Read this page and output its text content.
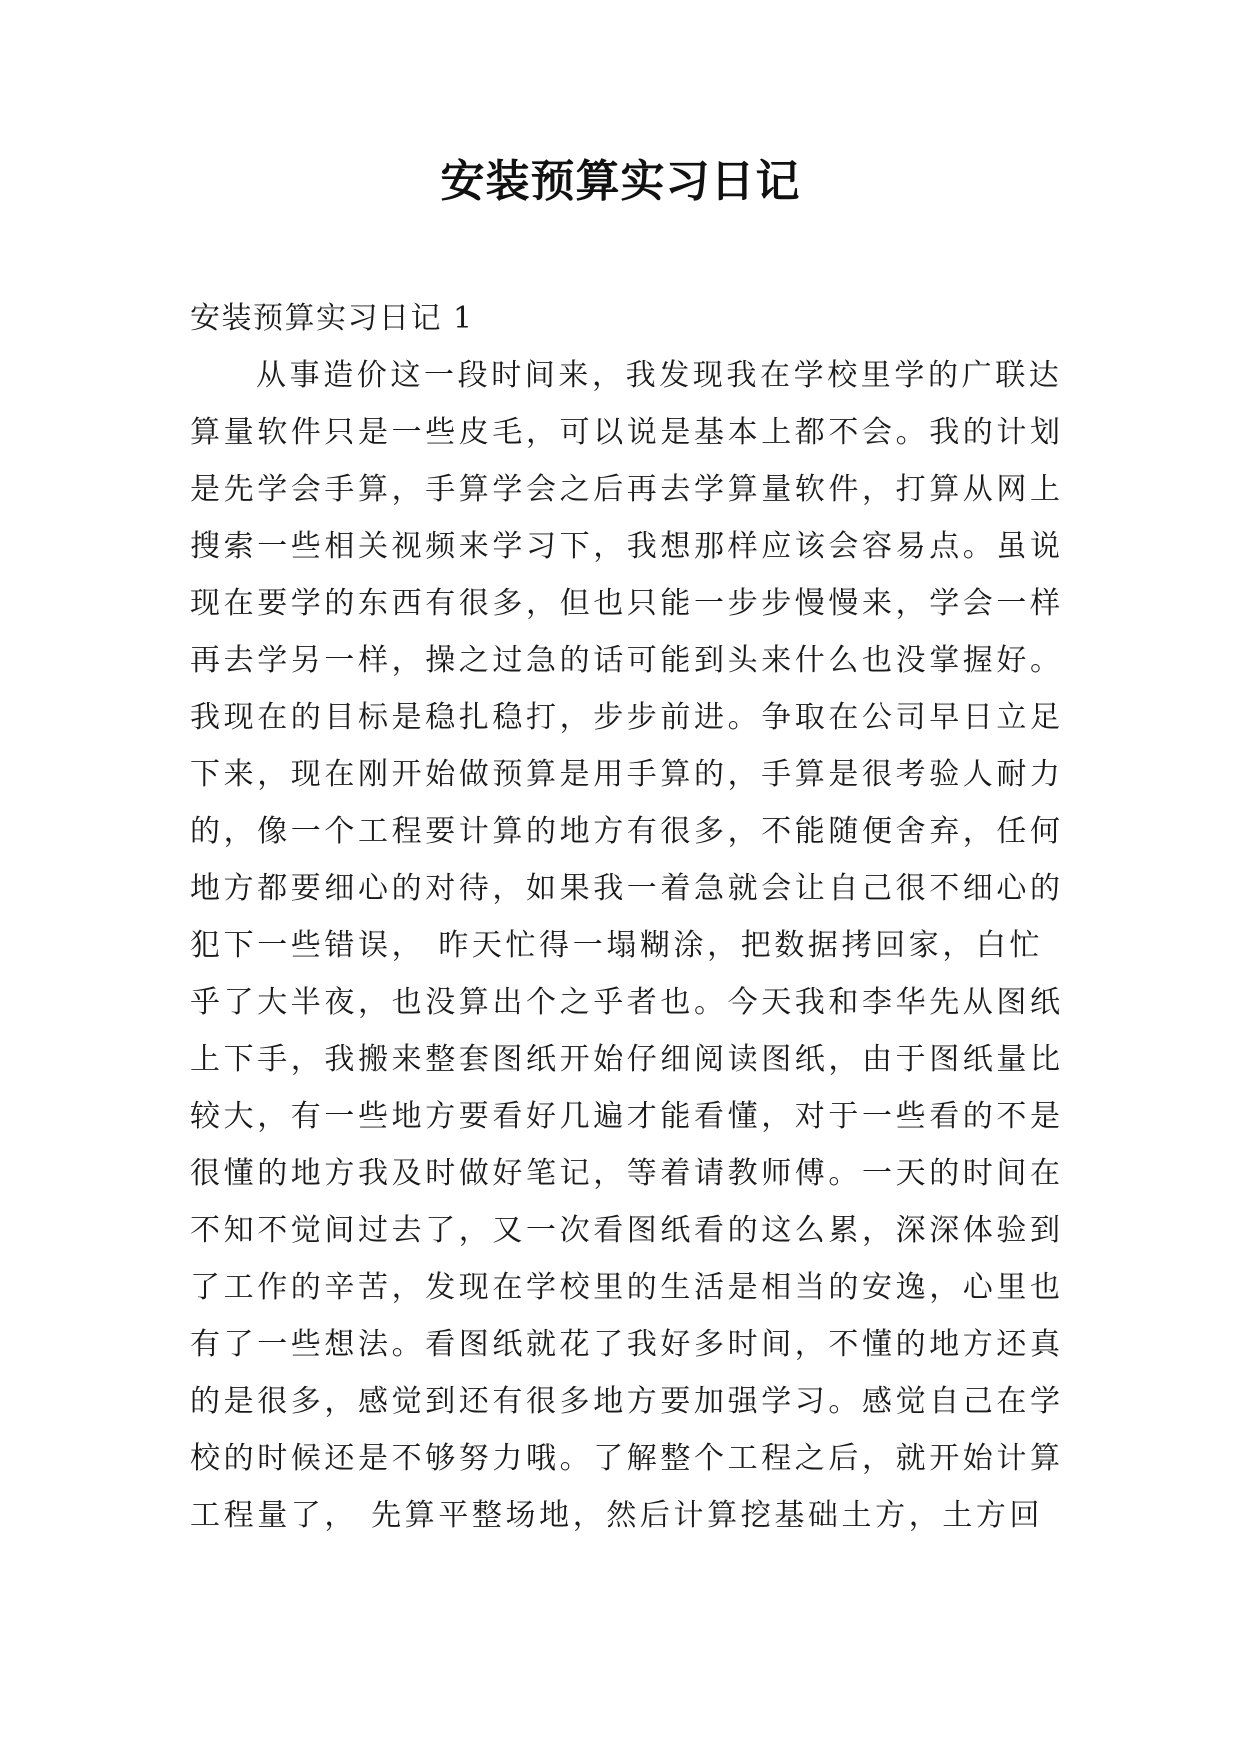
安装预算实习日记

安装预算实习日记 1

从事造价这一段时间来，我发现我在学校里学的广联达

算量软件只是一些皮毛，可以说是基本上都不会。我的计划

是先学会手算，手算学会之后再去学算量软件，打算从网上

搜索一些相关视频来学习下，我想那样应该会容易点。虽说

现在要学的东西有很多，但也只能一步步慢慢来，学会一样

再去学另一样，操之过急的话可能到头来什么也没掌握好。

我现在的目标是稳扎稳打，步步前进。争取在公司早日立足

下来，现在刚开始做预算是用手算的，手算是很考验人耐力

的，像一个工程要计算的地方有很多，不能随便舍弃，任何

地方都要细心的对待，如果我一着急就会让自己很不细心的

犯下一些错误， 昨天忙得一塌糊涂，把数据拷回家，白忙

乎了大半夜，也没算出个之乎者也。今天我和李华先从图纸

上下手，我搬来整套图纸开始仔细阅读图纸，由于图纸量比

较大，有一些地方要看好几遍才能看懂，对于一些看的不是

很懂的地方我及时做好笔记，等着请教师傅。一天的时间在

不知不觉间过去了，又一次看图纸看的这么累，深深体验到

了工作的辛苦，发现在学校里的生活是相当的安逸，心里也

有了一些想法。看图纸就花了我好多时间，不懂的地方还真

的是很多，感觉到还有很多地方要加强学习。感觉自己在学

校的时候还是不够努力哦。了解整个工程之后，就开始计算

工程量了， 先算平整场地，然后计算挖基础土方，土方回
